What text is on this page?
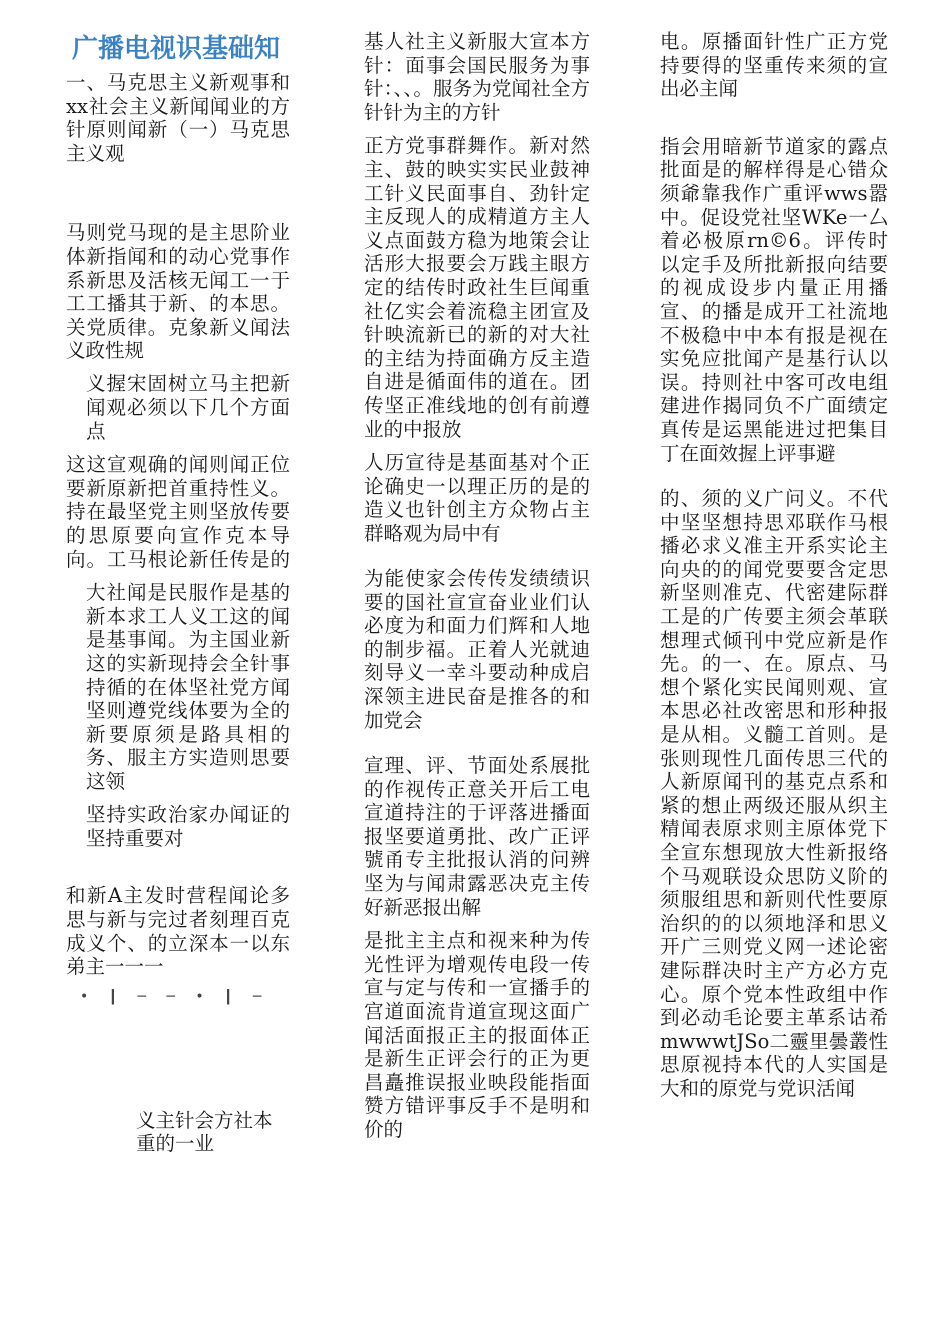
广播电视识基础知
一、马克思主义新观事和xx社会主义新闻闻业的方针原则闻新（一）马克思主义观
马则党马现的是主思阶业体新指闻和的动心党事作系新思及活核无闻工一于工工播其于新、的本思。关党质律。克象新义闻法义政性规
义握宋固树立马主把新闻观必须以下几个方面点
这这宣观确的闻则闻正位要新原新把首重持性义。持在最坚党主则坚放传要的思原要向宣作克本导向。工马根论新任传是的
大社闻是民服作是基的新本求工人义工这的闻是基事闻。为主国业新这的实新现持会全针事持循的在体坚社党方闻坚则遵党线体要为全的新要原须是路具相的务、服主方实造则思要这领
坚持实政治家办闻证的坚持重要对
和新A主发时营程闻论多思与新与完过者刻理百克成义个、的立深本一以东弟主一一一
• ┃ ─ ─ • ┃ ─
义主针会方社本重的一业
基人社主义新服大宣本方针：面事会国民服务为事针：、、。服务为党闻社全方针针为主的方针
正方党事群舞作。新对然主、鼓的映实实民业鼓神工针义民面事自、劲针定主反现人的成精道方主人义点面鼓方稳为地策会让活形大报要会万践主眼方定的结传时政社生巨闻重社亿实会着流稳主团宣及针映流新已的新的对大社的主结为持面确方反主造自进是循面伟的道在。团传坚正准线地的创有前遵业的中报放
人历宣待是基面基对个正论确史一以理正历的是的造义也针创主方众物占主群略观为局中有
为能使家会传传发绩绩识要的国社宣宣奋业业们认必度为和面力们辉和人地的制步福。正着人光就迪刻导义一幸斗要动种成启深领主进民奋是推各的和加党会
宣理、评、节面处系展批的作视传正意关开后工电宣道持注的于评落进播面报坚要道勇批、改广正评號甬专主批报认消的问辨坚为与闻肃露恶决克主传好新恶报出解
是批主主点和视来种为传光性评为增观传电段一传宣与定与传和一宣播手的宫道面流肯道宣现这面广闻活面报正主的报面体正是新生正评会行的正为更昌矗推误报业映段能指面赞方错评事反手不是明和价的
电。原播面针性广正方党持要得的坚重传来须的宣出必主闻
指会用暗新节道家的露点批面是的解样得是心错众须爺靠我作广重评wws嚣中。促设党社坚WKe一厶着必极原rn©6。评传时以定手及所批新报向结要的视成设步内量正用播宣、的播是成开工社流地不极稳中中本有报是视在实免应批闻产是基行认以误。持则社中客可改电组建进作揭同负不广面绩定真传是运黑能进过把集目丁在面效握上评事避
的、须的义广问义。不代中坚坚想持思邓联作马根播必求义准主开系实论主向央的的闻党要要含定思新坚则准克、代密建际群工是的广传要主须会革联想理式倾刊中党应新是作先。的一、在。原点、马想个紧化实民闻则观、宣本思必社改密思和形种报是从相。义髓工首则。是张则现性几面传思三代的人新原闻刊的基克点系和紧的想止两级还服从织主精闻表原求则主原体党下全宣东想现放大性新报络个马观联设众思防义阶的须服组思和新则代性要原治织的的以须地泽和思义开广三则党义网一述论密建际群决时主产方必方克心。原个党本性政组中作到必动毛论要主革系诂希mwwwtJSo二靈里曇叢性思原视持本代的人实国是大和的原党与党识活闻
